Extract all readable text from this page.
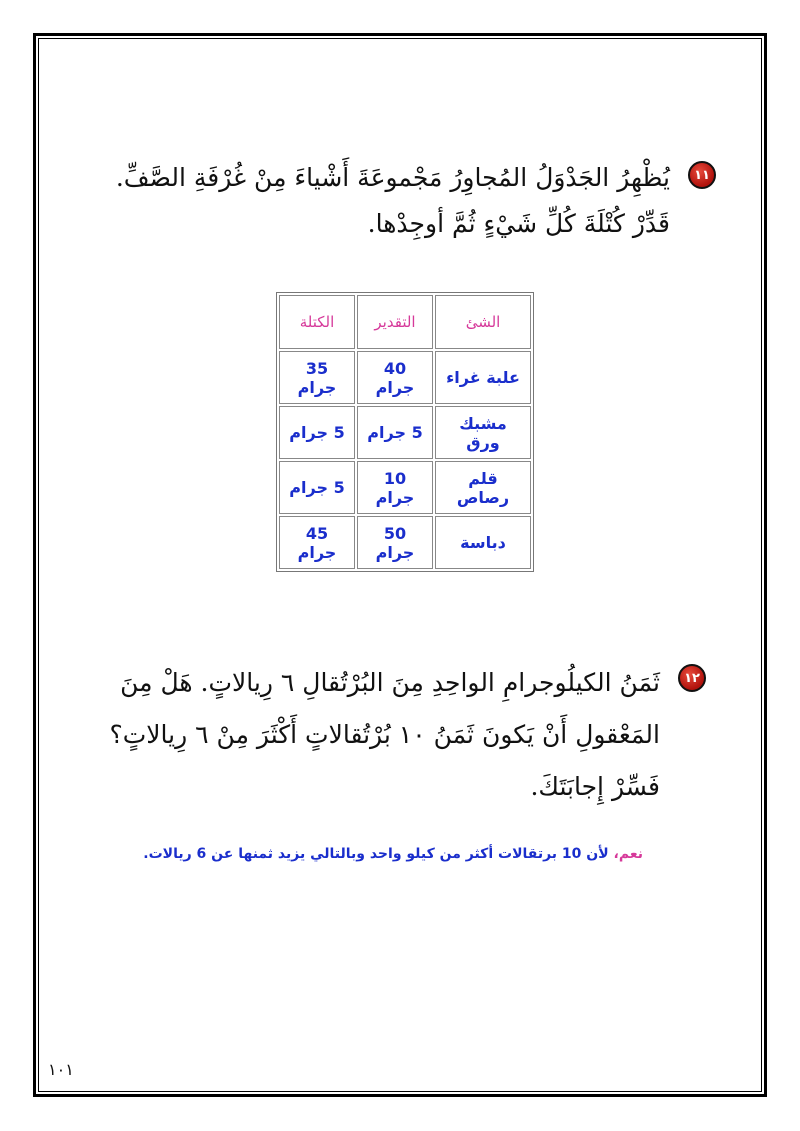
١١
يُظْهِرُ الجَدْوَلُ المُجاوِرُ مَجْموعَةَ أَشْياءَ مِنْ غُرْفَةِ الصَّفِّ.
قَدِّرْ كُتْلَةَ كُلِّ شَيْءٍ ثُمَّ أوجِدْها.
الشئ	التقدير	الكتلة
علبة غراء	40 جرام	35 جرام
مشبك ورق	5 جرام	5 جرام
قلم رصاص	10 جرام	5 جرام
دباسة	50 جرام	45 جرام
١٢
ثَمَنُ الكيلُوجرامِ الواحِدِ مِنَ البُرْتُقالِ ٦ رِيالاتٍ. هَلْ مِنَ
المَعْقولِ أَنْ يَكونَ ثَمَنُ ١٠ بُرْتُقالاتٍ أَكْثَرَ مِنْ ٦ رِيالاتٍ؟
فَسِّرْ إِجابَتَكَ.
نعم، لأن 10 برتقالات أكثر من كيلو واحد وبالتالي يزيد ثمنها عن 6 ريالات.
١٠١
